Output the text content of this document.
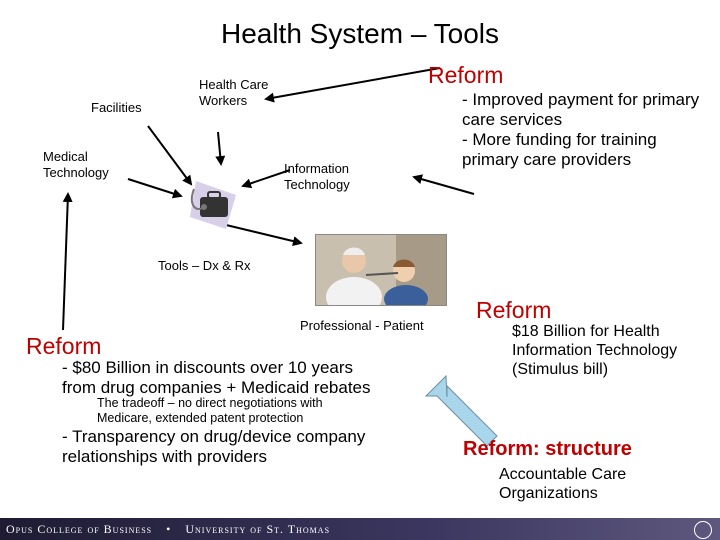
Health System – Tools
Facilities
Health Care Workers
Medical Technology	Information Technology
Tools – Dx & Rx
Professional - Patient
Reform
- Improved payment for primary care services
- More funding for training primary care providers
Reform
$18 Billion for Health Information Technology (Stimulus bill)
Reform
- $80 Billion in discounts over 10 years from drug companies + Medicaid rebates
The tradeoff – no direct negotiations with Medicare, extended patent protection
- Transparency on drug/device company relationships with providers	Reform: structure
Accountable Care Organizations
Opus College of Business • University of St. Thomas
